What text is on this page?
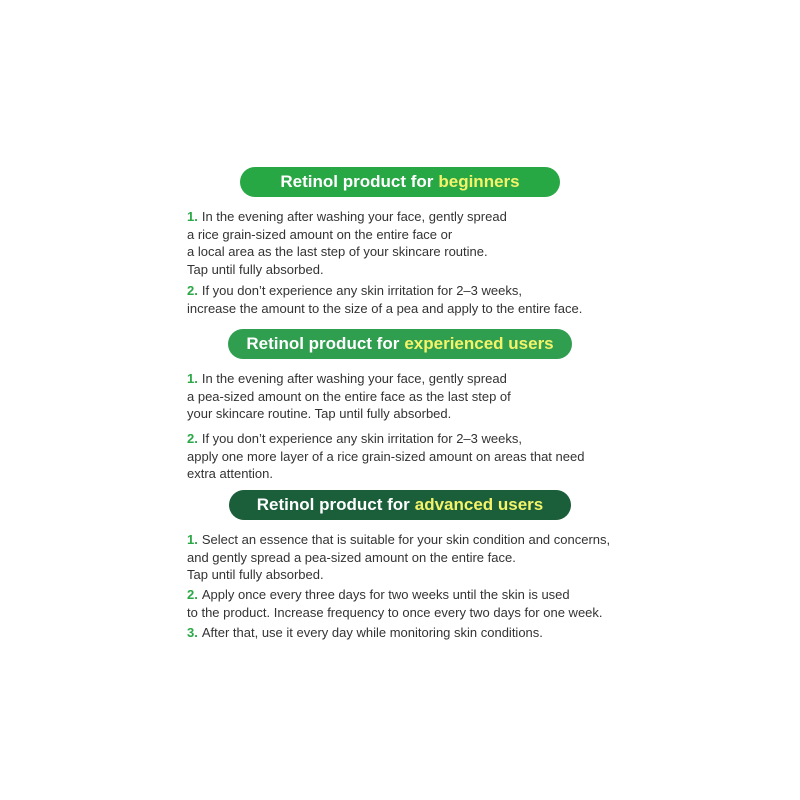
Retinol product for beginners
1. In the evening after washing your face, gently spread
a rice grain-sized amount on the entire face or
a local area as the last step of your skincare routine.
Tap until fully absorbed.
2. If you don’t experience any skin irritation for 2–3 weeks,
increase the amount to the size of a pea and apply to the entire face.
Retinol product for experienced users
1. In the evening after washing your face, gently spread
a pea-sized amount on the entire face as the last step of
your skincare routine. Tap until fully absorbed.
2. If you don’t experience any skin irritation for 2–3 weeks,
apply one more layer of a rice grain-sized amount on areas that need
extra attention.
Retinol product for advanced users
1. Select an essence that is suitable for your skin condition and concerns,
and gently spread a pea-sized amount on the entire face.
Tap until fully absorbed.
2. Apply once every three days for two weeks until the skin is used
to the product. Increase frequency to once every two days for one week.
3. After that, use it every day while monitoring skin conditions.
